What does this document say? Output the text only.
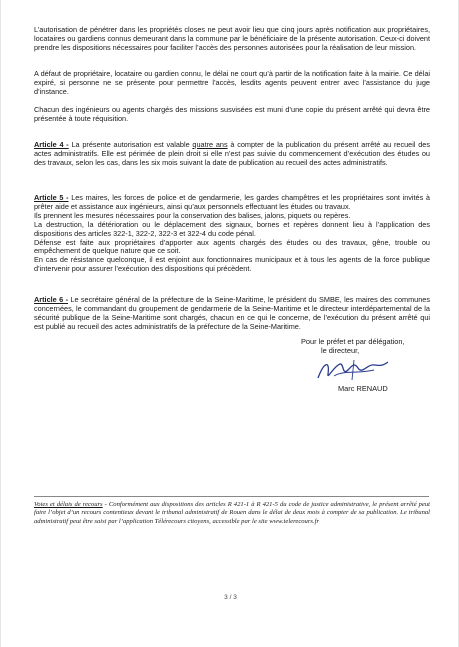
L’autorisation de pénétrer dans les propriétés closes ne peut avoir lieu que cinq jours après notification aux propriétaires, locataires ou gardiens connus demeurant dans la commune par le bénéficiaire de la présente autorisation. Ceux-ci doivent prendre les dispositions nécessaires pour faciliter l’accès des personnes autorisées pour la réalisation de leur mission.

A défaut de propriétaire, locataire ou gardien connu, le délai ne court qu’à partir de la notification faite à la mairie. Ce délai expiré, si personne ne se présente pour permettre l’accès, lesdits agents peuvent entrer avec l’assistance du juge d’instance.

Chacun des ingénieurs ou agents chargés des missions susvisées est muni d’une copie du présent arrêté qui devra être présentée à toute réquisition.

Article 4 - La présente autorisation est valable quatre ans à compter de la publication du présent arrêté au recueil des actes administratifs. Elle est périmée de plein droit si elle n’est pas suivie du commencement d’exécution des études ou des travaux, selon les cas, dans les six mois suivant la date de publication au recueil des actes administratifs.

Article 5 - Les maires, les forces de police et de gendarmerie, les gardes champêtres et les propriétaires sont invités à prêter aide et assistance aux ingénieurs, ainsi qu’aux personnels effectuant les études ou travaux.

Ils prennent les mesures nécessaires pour la conservation des balises, jalons, piquets ou repères.

La destruction, la détérioration ou le déplacement des signaux, bornes et repères donnent lieu à l’application des dispositions des articles 322-1, 322-2, 322-3 et 322-4 du code pénal.

Défense est faite aux propriétaires d’apporter aux agents chargés des études ou des travaux, gêne, trouble ou empêchement de quelque nature que ce soit.

En cas de résistance quelconque, il est enjoint aux fonctionnaires municipaux et à tous les agents de la force publique d’intervenir pour assurer l’exécution des dispositions qui précèdent.

Article 6 - Le secrétaire général de la préfecture de la Seine-Maritime, le président du SMBE, les maires des communes concernées, le commandant du groupement de gendarmerie de la Seine-Maritime et le directeur interdépartemental de la sécurité publique de la Seine-Maritime sont chargés, chacun en ce qui le concerne, de l’exécution du présent arrêté qui est publié au recueil des actes administratifs de la préfecture de la Seine-Maritime.

Pour le préfet et par délégation,
le directeur,
Marc RENAUD
Voies et délais de recours - Conformément aux dispositions des articles R 421-1 à R 421-5 du code de justice administrative, le présent arrêté peut faire l’objet d’un recours contentieux devant le tribunal administratif de Rouen dans le délai de deux mois à compter de sa publication. Le tribunal administratif peut être saisi par l’application Télérecours citoyens, accessible par le site www.telerecours.fr
3 / 3
